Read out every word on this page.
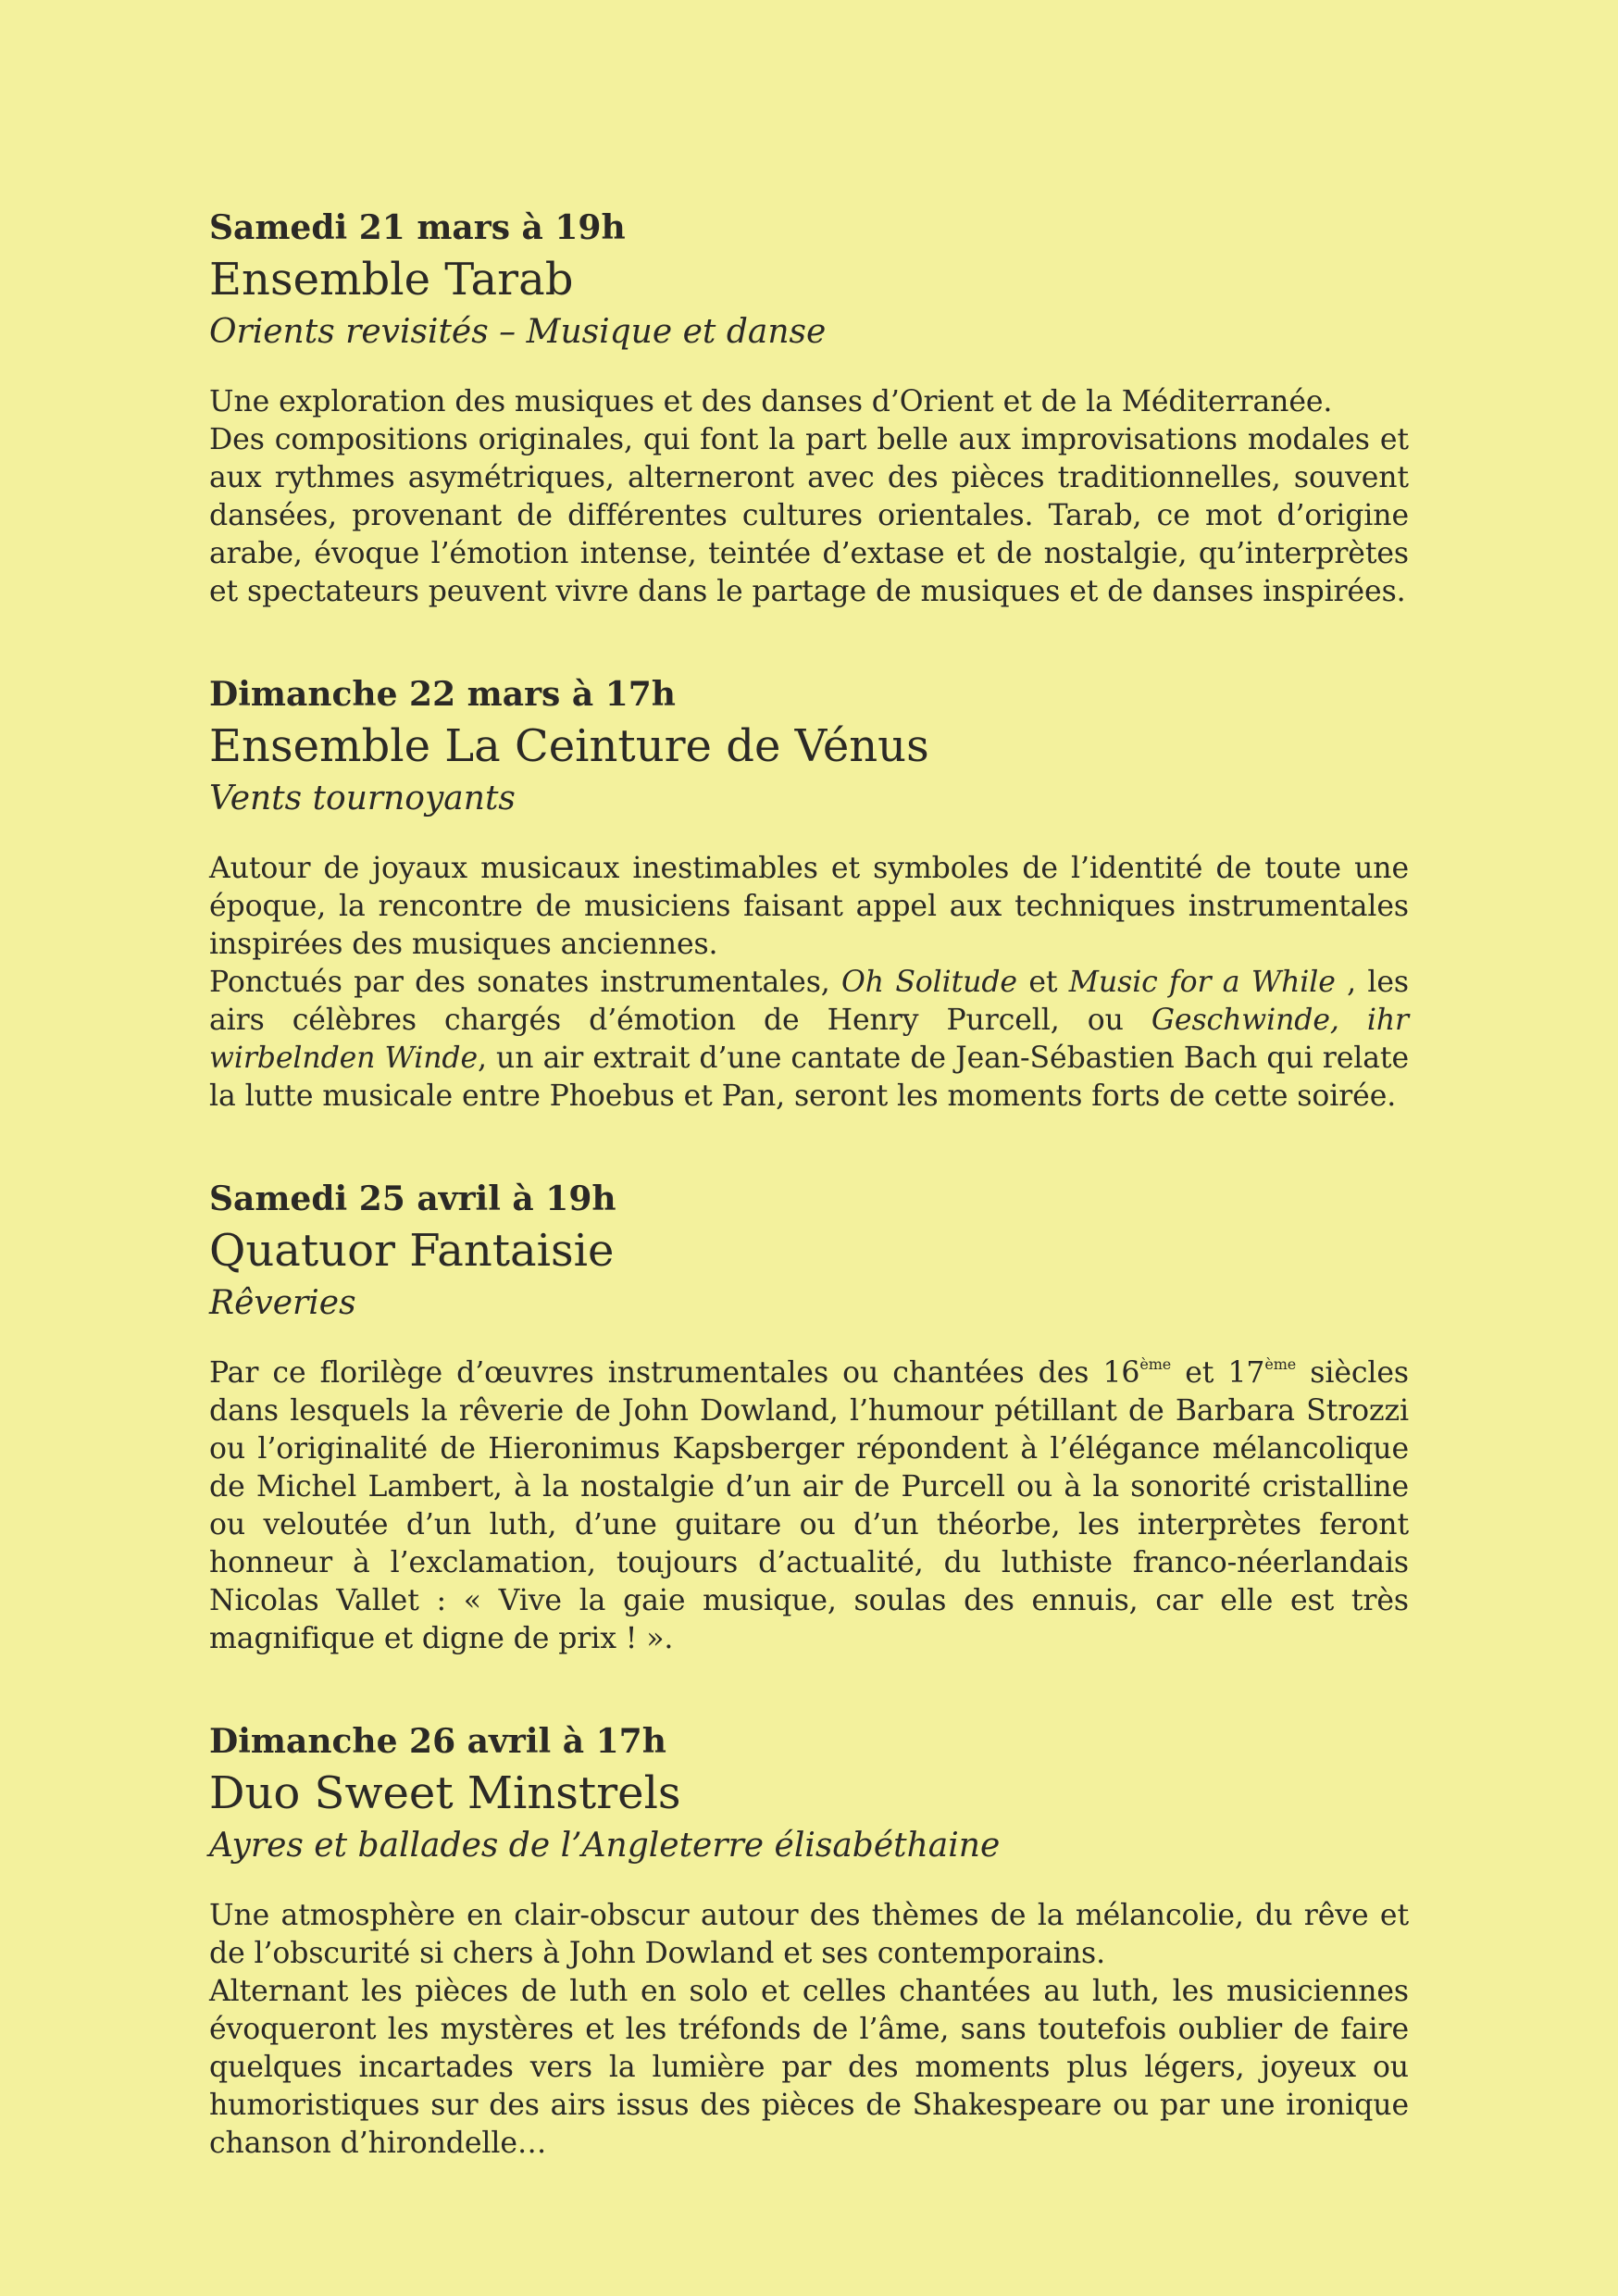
Samedi 21 mars à 19h
Ensemble Tarab
Orients revisités – Musique et danse

Une exploration des musiques et des danses d’Orient et de la Méditerranée.

Des compositions originales, qui font la part belle aux improvisations modales et aux rythmes asymétriques, alterneront avec des pièces traditionnelles, souvent dansées, provenant de différentes cultures orientales. Tarab, ce mot d’origine arabe, évoque l’émotion intense, teintée d’extase et de nostalgie, qu’interprètes et spectateurs peuvent vivre dans le partage de musiques et de danses inspirées.

Dimanche 22 mars à 17h
Ensemble La Ceinture de Vénus
Vents tournoyants

Autour de joyaux musicaux inestimables et symboles de l’identité de toute une époque, la rencontre de musiciens faisant appel aux techniques instrumentales inspirées des musiques anciennes.

Ponctués par des sonates instrumentales, Oh Solitude et Music for a While , les airs célèbres chargés d’émotion de Henry Purcell, ou Geschwinde, ihr wirbelnden Winde, un air extrait d’une cantate de Jean-Sébastien Bach qui relate la lutte musicale entre Phoebus et Pan, seront les moments forts de cette soirée.

Samedi 25 avril à 19h
Quatuor Fantaisie
Rêveries

Par ce florilège d’œuvres instrumentales ou chantées des 16ème et 17ème siècles dans lesquels la rêverie de John Dowland, l’humour pétillant de Barbara Strozzi ou l’originalité de Hieronimus Kapsberger répondent à l’élégance mélancolique de Michel Lambert, à la nostalgie d’un air de Purcell ou à la sonorité cristalline ou veloutée d’un luth, d’une guitare ou d’un théorbe, les interprètes feront honneur à l’exclamation, toujours d’actualité, du luthiste franco-néerlandais Nicolas Vallet : « Vive la gaie musique, soulas des ennuis, car elle est très magnifique et digne de prix ! ».

Dimanche 26 avril à 17h
Duo Sweet Minstrels
Ayres et ballades de l’Angleterre élisabéthaine

Une atmosphère en clair-obscur autour des thèmes de la mélancolie, du rêve et de l’obscurité si chers à John Dowland et ses contemporains.

Alternant les pièces de luth en solo et celles chantées au luth, les musiciennes évoqueront les mystères et les tréfonds de l’âme, sans toutefois oublier de faire quelques incartades vers la lumière par des moments plus légers, joyeux ou humoristiques sur des airs issus des pièces de Shakespeare ou par une ironique chanson d’hirondelle…
